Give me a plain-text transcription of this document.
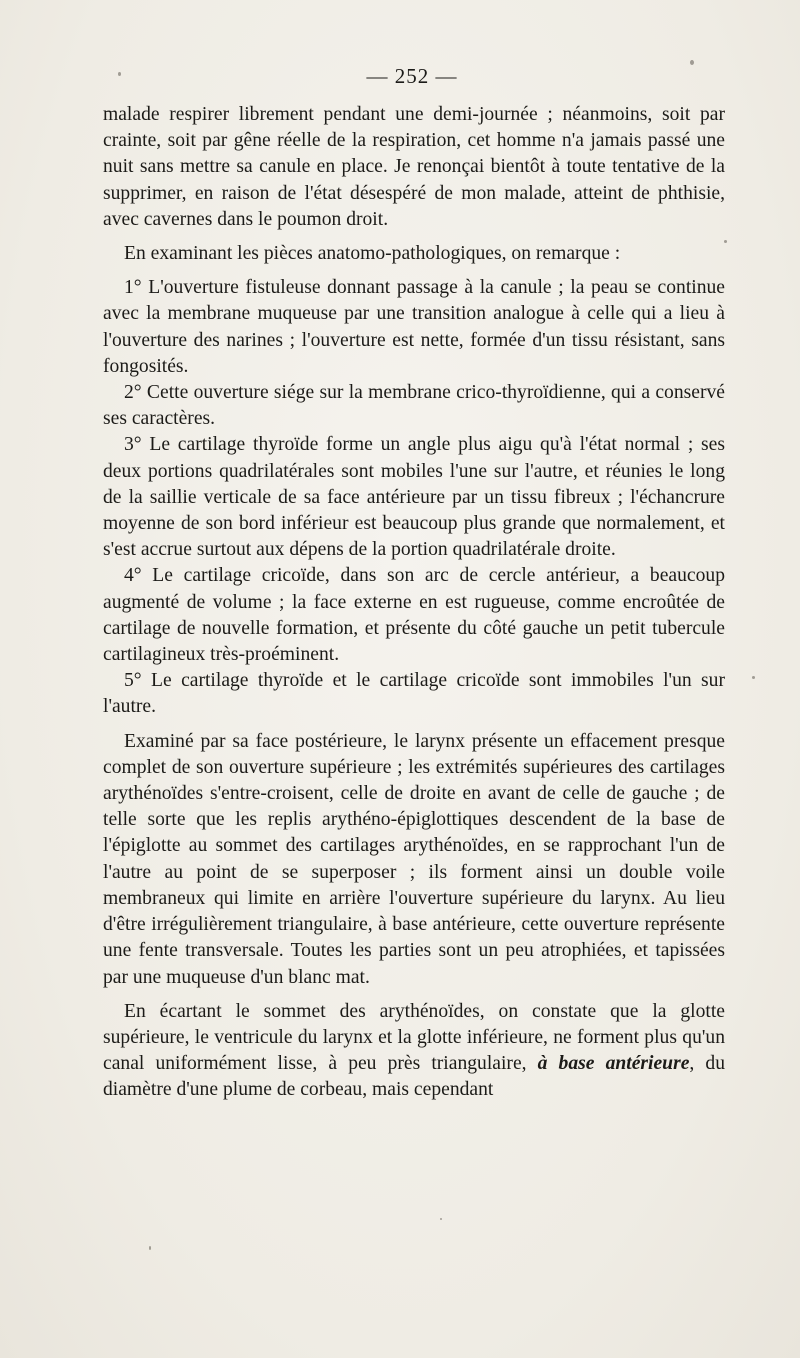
— 252 —

malade respirer librement pendant une demi-journée ; néanmoins, soit par crainte, soit par gêne réelle de la respiration, cet homme n'a jamais passé une nuit sans mettre sa canule en place. Je renonçai bientôt à toute tentative de la supprimer, en raison de l'état désespéré de mon malade, atteint de phthisie, avec cavernes dans le poumon droit.

En examinant les pièces anatomo-pathologiques, on remarque :

1° L'ouverture fistuleuse donnant passage à la canule ; la peau se continue avec la membrane muqueuse par une transition analogue à celle qui a lieu à l'ouverture des narines ; l'ouverture est nette, formée d'un tissu résistant, sans fongosités.

2° Cette ouverture siége sur la membrane crico-thyroïdienne, qui a conservé ses caractères.

3° Le cartilage thyroïde forme un angle plus aigu qu'à l'état normal ; ses deux portions quadrilatérales sont mobiles l'une sur l'autre, et réunies le long de la saillie verticale de sa face antérieure par un tissu fibreux ; l'échancrure moyenne de son bord inférieur est beaucoup plus grande que normalement, et s'est accrue surtout aux dépens de la portion quadrilatérale droite.

4° Le cartilage cricoïde, dans son arc de cercle antérieur, a beaucoup augmenté de volume ; la face externe en est rugueuse, comme encroûtée de cartilage de nouvelle formation, et présente du côté gauche un petit tubercule cartilagineux très-proéminent.

5° Le cartilage thyroïde et le cartilage cricoïde sont immobiles l'un sur l'autre.

Examiné par sa face postérieure, le larynx présente un effacement presque complet de son ouverture supérieure ; les extrémités supérieures des cartilages arythénoïdes s'entre-croisent, celle de droite en avant de celle de gauche ; de telle sorte que les replis arythéno-épiglottiques descendent de la base de l'épiglotte au sommet des cartilages arythénoïdes, en se rapprochant l'un de l'autre au point de se superposer ; ils forment ainsi un double voile membraneux qui limite en arrière l'ouverture supérieure du larynx. Au lieu d'être irrégulièrement triangulaire, à base antérieure, cette ouverture représente une fente transversale. Toutes les parties sont un peu atrophiées, et tapissées par une muqueuse d'un blanc mat.

En écartant le sommet des arythénoïdes, on constate que la glotte supérieure, le ventricule du larynx et la glotte inférieure, ne forment plus qu'un canal uniformément lisse, à peu près triangulaire, à base antérieure, du diamètre d'une plume de corbeau, mais cependant
